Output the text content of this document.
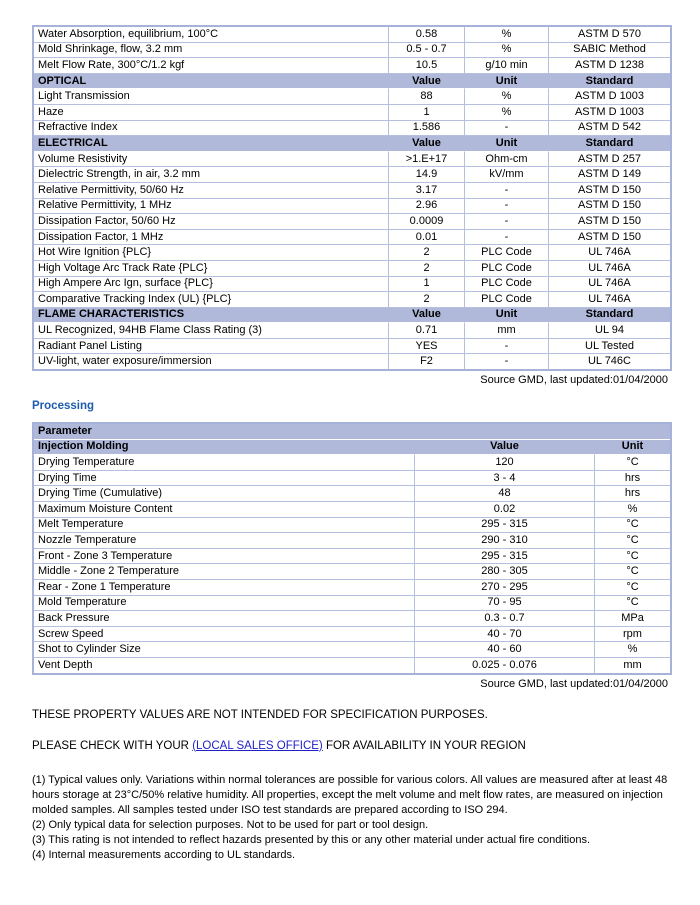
Water Absorption, equilibrium, 100°C	0.58	%	ASTM D 570
Mold Shrinkage, flow, 3.2 mm	0.5 - 0.7	%	SABIC Method
Melt Flow Rate, 300°C/1.2 kgf	10.5	g/10 min	ASTM D 1238
OPTICAL	Value	Unit	Standard
Light Transmission	88	%	ASTM D 1003
Haze	1	%	ASTM D 1003
Refractive Index	1.586	-	ASTM D 542
ELECTRICAL	Value	Unit	Standard
Volume Resistivity	>1.E+17	Ohm-cm	ASTM D 257
Dielectric Strength, in air, 3.2 mm	14.9	kV/mm	ASTM D 149
Relative Permittivity, 50/60 Hz	3.17	-	ASTM D 150
Relative Permittivity, 1 MHz	2.96	-	ASTM D 150
Dissipation Factor, 50/60 Hz	0.0009	-	ASTM D 150
Dissipation Factor, 1 MHz	0.01	-	ASTM D 150
Hot Wire Ignition {PLC}	2	PLC Code	UL 746A
High Voltage Arc Track Rate {PLC}	2	PLC Code	UL 746A
High Ampere Arc Ign, surface {PLC}	1	PLC Code	UL 746A
Comparative Tracking Index (UL) {PLC}	2	PLC Code	UL 746A
FLAME CHARACTERISTICS	Value	Unit	Standard
UL Recognized, 94HB Flame Class Rating (3)	0.71	mm	UL 94
Radiant Panel Listing	YES	-	UL Tested
UV-light, water exposure/immersion	F2	-	UL 746C
Source GMD, last updated:01/04/2000
Processing
Parameter		
Injection Molding	Value	Unit
Drying Temperature	120	°C
Drying Time	3 - 4	hrs
Drying Time (Cumulative)	48	hrs
Maximum Moisture Content	0.02	%
Melt Temperature	295 - 315	°C
Nozzle Temperature	290 - 310	°C
Front - Zone 3 Temperature	295 - 315	°C
Middle - Zone 2 Temperature	280 - 305	°C
Rear - Zone 1 Temperature	270 - 295	°C
Mold Temperature	70 - 95	°C
Back Pressure	0.3 - 0.7	MPa
Screw Speed	40 - 70	rpm
Shot to Cylinder Size	40 - 60	%
Vent Depth	0.025 - 0.076	mm
Source GMD, last updated:01/04/2000

THESE PROPERTY VALUES ARE NOT INTENDED FOR SPECIFICATION PURPOSES.

PLEASE CHECK WITH YOUR (LOCAL SALES OFFICE) FOR AVAILABILITY IN YOUR REGION

(1) Typical values only. Variations within normal tolerances are possible for various colors. All values are measured after at least 48 hours storage at 23°C/50% relative humidity. All properties, except the melt volume and melt flow rates, are measured on injection molded samples. All samples tested under ISO test standards are prepared according to ISO 294.

(2) Only typical data for selection purposes. Not to be used for part or tool design.

(3) This rating is not intended to reflect hazards presented by this or any other material under actual fire conditions.

(4) Internal measurements according to UL standards.
